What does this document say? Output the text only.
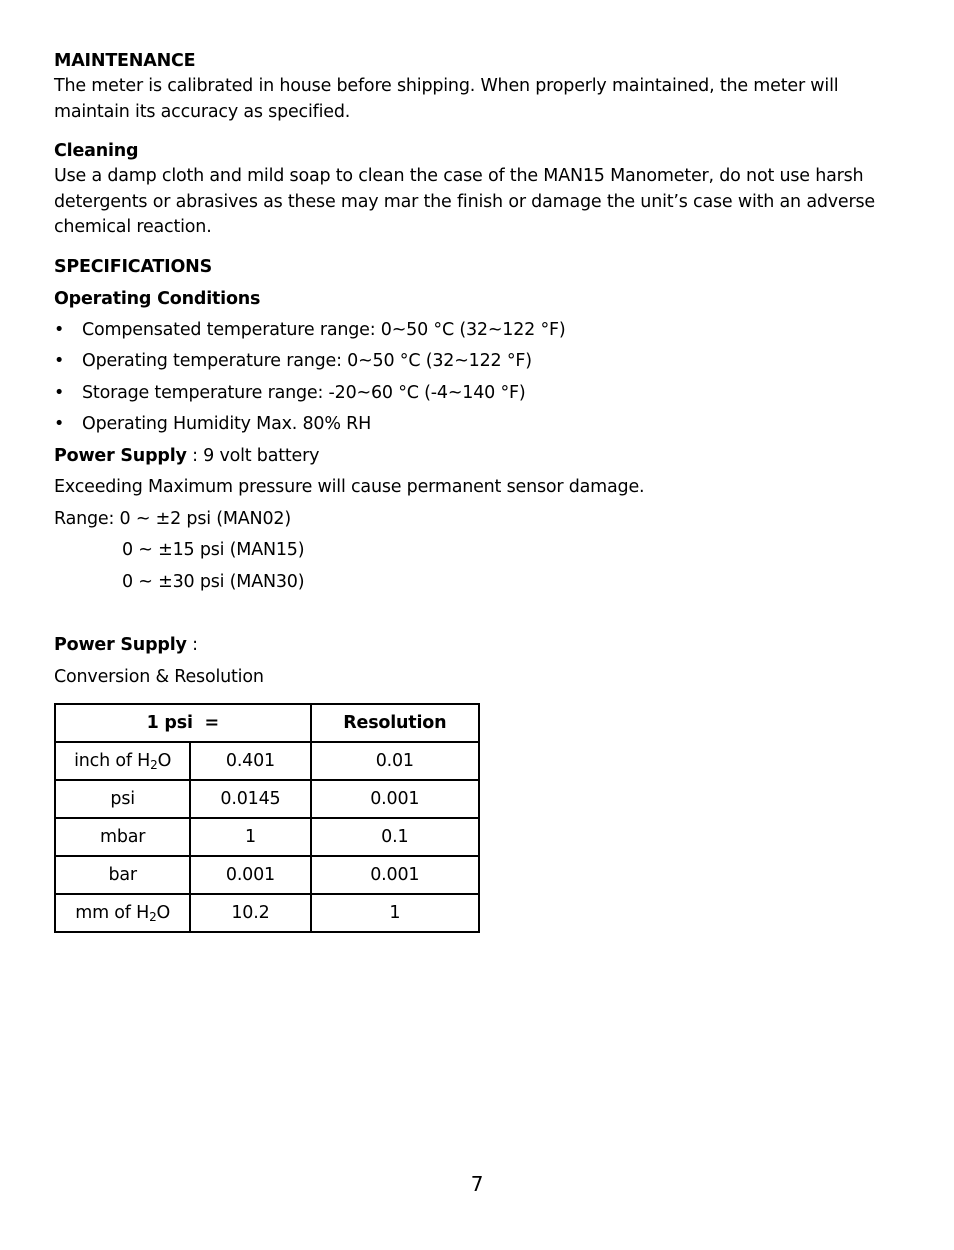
MAINTENANCE

The meter is calibrated in house before shipping. When properly maintained, the meter will maintain its accuracy as specified.

Cleaning

Use a damp cloth and mild soap to clean the case of the MAN15 Manometer, do not use harsh detergents or abrasives as these may mar the finish or damage the unit’s case with an adverse chemical reaction.

SPECIFICATIONS

Operating Conditions

• Compensated temperature range: 0~50 °C (32~122 °F)
• Operating temperature range: 0~50 °C (32~122 °F)
• Storage temperature range: -20~60 °C (-4~140 °F)
• Operating Humidity Max. 80% RH

Power Supply : 9 volt battery

Exceeding Maximum pressure will cause permanent sensor damage.

Range: 0 ~ ±2 psi (MAN02)

0 ~ ±15 psi (MAN15)

0 ~ ±30 psi (MAN30)

Power Supply :

Conversion & Resolution

1 psi  =		Resolution
inch of $H_2O$	0.401	0.01
psi	0.0145	0.001
mbar	1	0.1
bar	0.001	0.001
mm of $H_2O$	10.2	1
7
